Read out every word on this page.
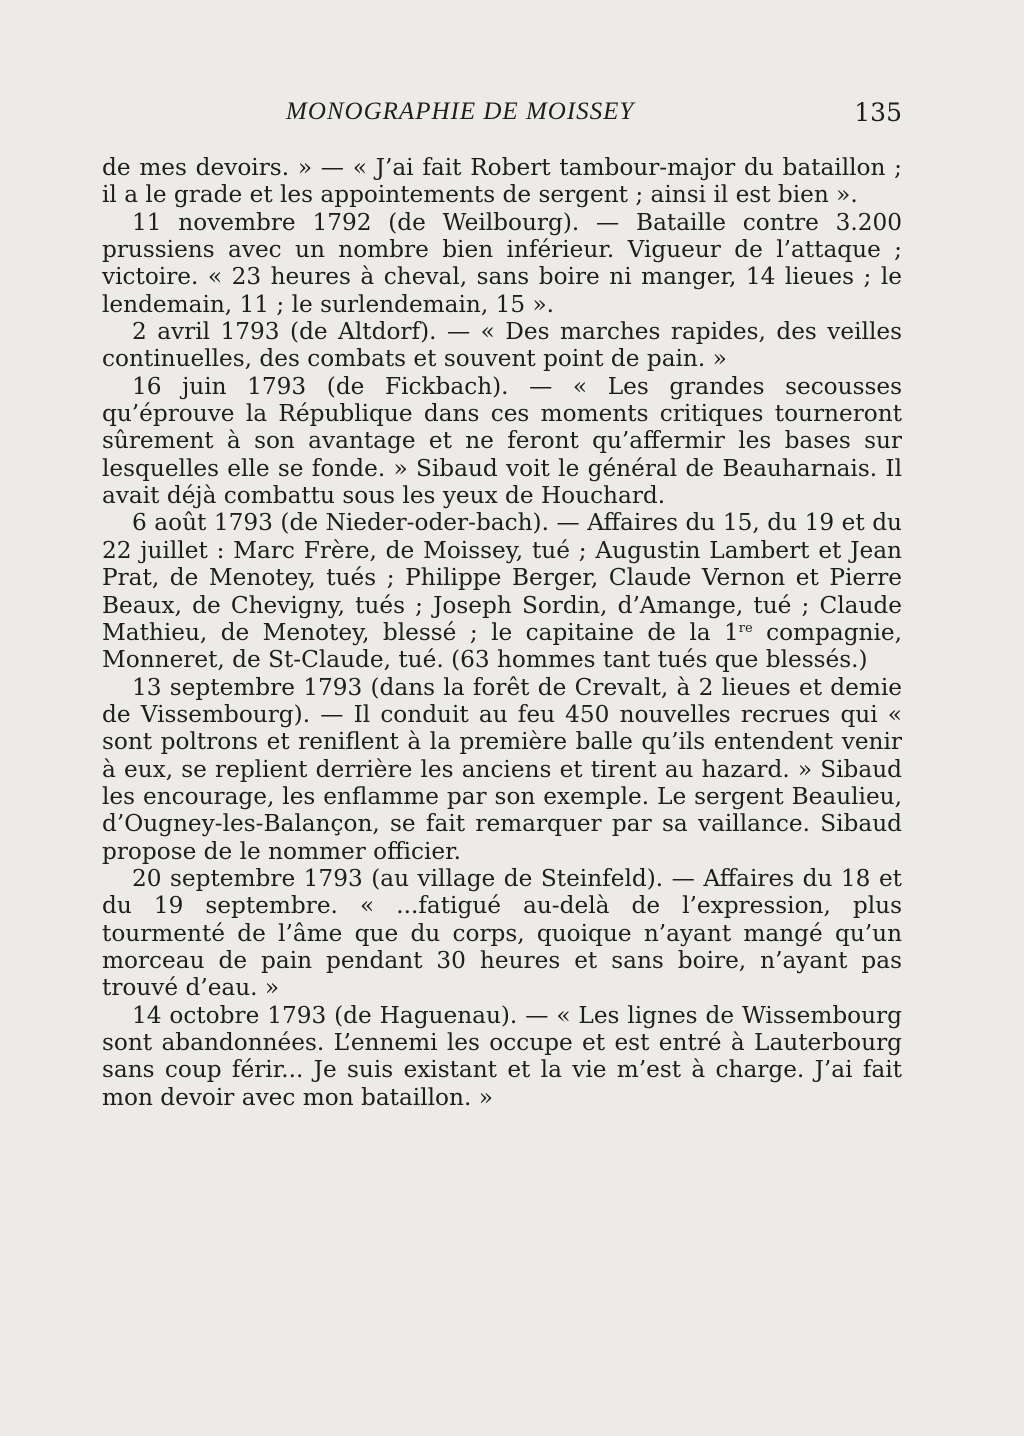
MONOGRAPHIE DE MOISSEY	135

de mes devoirs. » — « J’ai fait Robert tambour-major du bataillon ; il a le grade et les appointements de sergent ; ainsi il est bien ».

11 novembre 1792 (de Weilbourg). — Bataille contre 3.200 prussiens avec un nombre bien inférieur. Vigueur de l’attaque ; victoire. « 23 heures à cheval, sans boire ni manger, 14 lieues ; le lendemain, 11 ; le surlendemain, 15 ».

2 avril 1793 (de Altdorf). — « Des marches rapides, des veilles continuelles, des combats et souvent point de pain. »

16 juin 1793 (de Fickbach). — « Les grandes secousses qu’éprouve la République dans ces moments critiques tourneront sûrement à son avantage et ne feront qu’affermir les bases sur lesquelles elle se fonde. » Sibaud voit le général de Beauharnais. Il avait déjà combattu sous les yeux de Houchard.

6 août 1793 (de Nieder-oder-bach). — Affaires du 15, du 19 et du 22 juillet : Marc Frère, de Moissey, tué ; Augustin Lambert et Jean Prat, de Menotey, tués ; Philippe Berger, Claude Vernon et Pierre Beaux, de Chevigny, tués ; Joseph Sordin, d’Amange, tué ; Claude Mathieu, de Menotey, blessé ; le capitaine de la 1re compagnie, Monneret, de St-Claude, tué. (63 hommes tant tués que blessés.)

13 septembre 1793 (dans la forêt de Crevalt, à 2 lieues et demie de Vissembourg). — Il conduit au feu 450 nouvelles recrues qui « sont poltrons et reniflent à la première balle qu’ils entendent venir à eux, se replient derrière les anciens et tirent au hazard. » Sibaud les encourage, les enflamme par son exemple. Le sergent Beaulieu, d’Ougney-les-Balançon, se fait remarquer par sa vaillance. Sibaud propose de le nommer officier.

20 septembre 1793 (au village de Steinfeld). — Affaires du 18 et du 19 septembre. « ...fatigué au-delà de l’expression, plus tourmenté de l’âme que du corps, quoique n’ayant mangé qu’un morceau de pain pendant 30 heures et sans boire, n’ayant pas trouvé d’eau. »

14 octobre 1793 (de Haguenau). — « Les lignes de Wissembourg sont abandonnées. L’ennemi les occupe et est entré à Lauterbourg sans coup férir... Je suis existant et la vie m’est à charge. J’ai fait mon devoir avec mon bataillon. »
